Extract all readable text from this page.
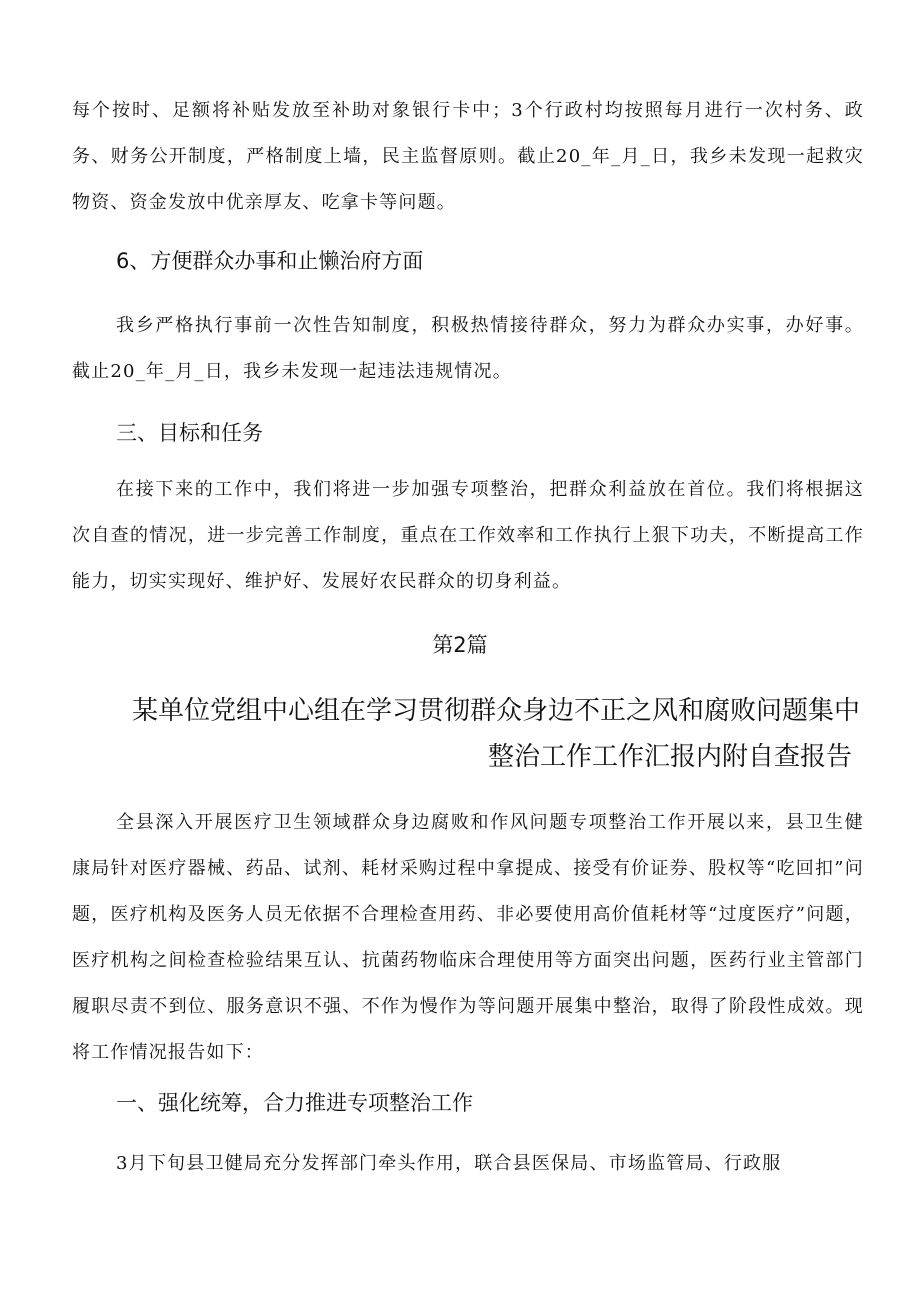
每个按时、足额将补贴发放至补助对象银行卡中；3个行政村均按照每月进行一次村务、政务、财务公开制度，严格制度上墙，民主监督原则。截止20_年_月_日，我乡未发现一起救灾物资、资金发放中优亲厚友、吃拿卡等问题。

6、方便群众办事和止懒治府方面

我乡严格执行事前一次性告知制度，积极热情接待群众，努力为群众办实事，办好事。截止20_年_月_日，我乡未发现一起违法违规情况。

三、目标和任务

在接下来的工作中，我们将进一步加强专项整治，把群众利益放在首位。我们将根据这次自查的情况，进一步完善工作制度，重点在工作效率和工作执行上狠下功夫，不断提高工作能力，切实实现好、维护好、发展好农民群众的切身利益。

第2篇
某单位党组中心组在学习贯彻群众身边不正之风和腐败问题集中
整治工作工作汇报内附自查报告

全县深入开展医疗卫生领域群众身边腐败和作风问题专项整治工作开展以来，县卫生健康局针对医疗器械、药品、试剂、耗材采购过程中拿提成、接受有价证券、股权等“吃回扣”问题，医疗机构及医务人员无依据不合理检查用药、非必要使用高价值耗材等“过度医疗”问题，医疗机构之间检查检验结果互认、抗菌药物临床合理使用等方面突出问题，医药行业主管部门履职尽责不到位、服务意识不强、不作为慢作为等问题开展集中整治，取得了阶段性成效。现将工作情况报告如下：

一、强化统筹，合力推进专项整治工作

3月下旬县卫健局充分发挥部门牵头作用，联合县医保局、市场监管局、行政服
